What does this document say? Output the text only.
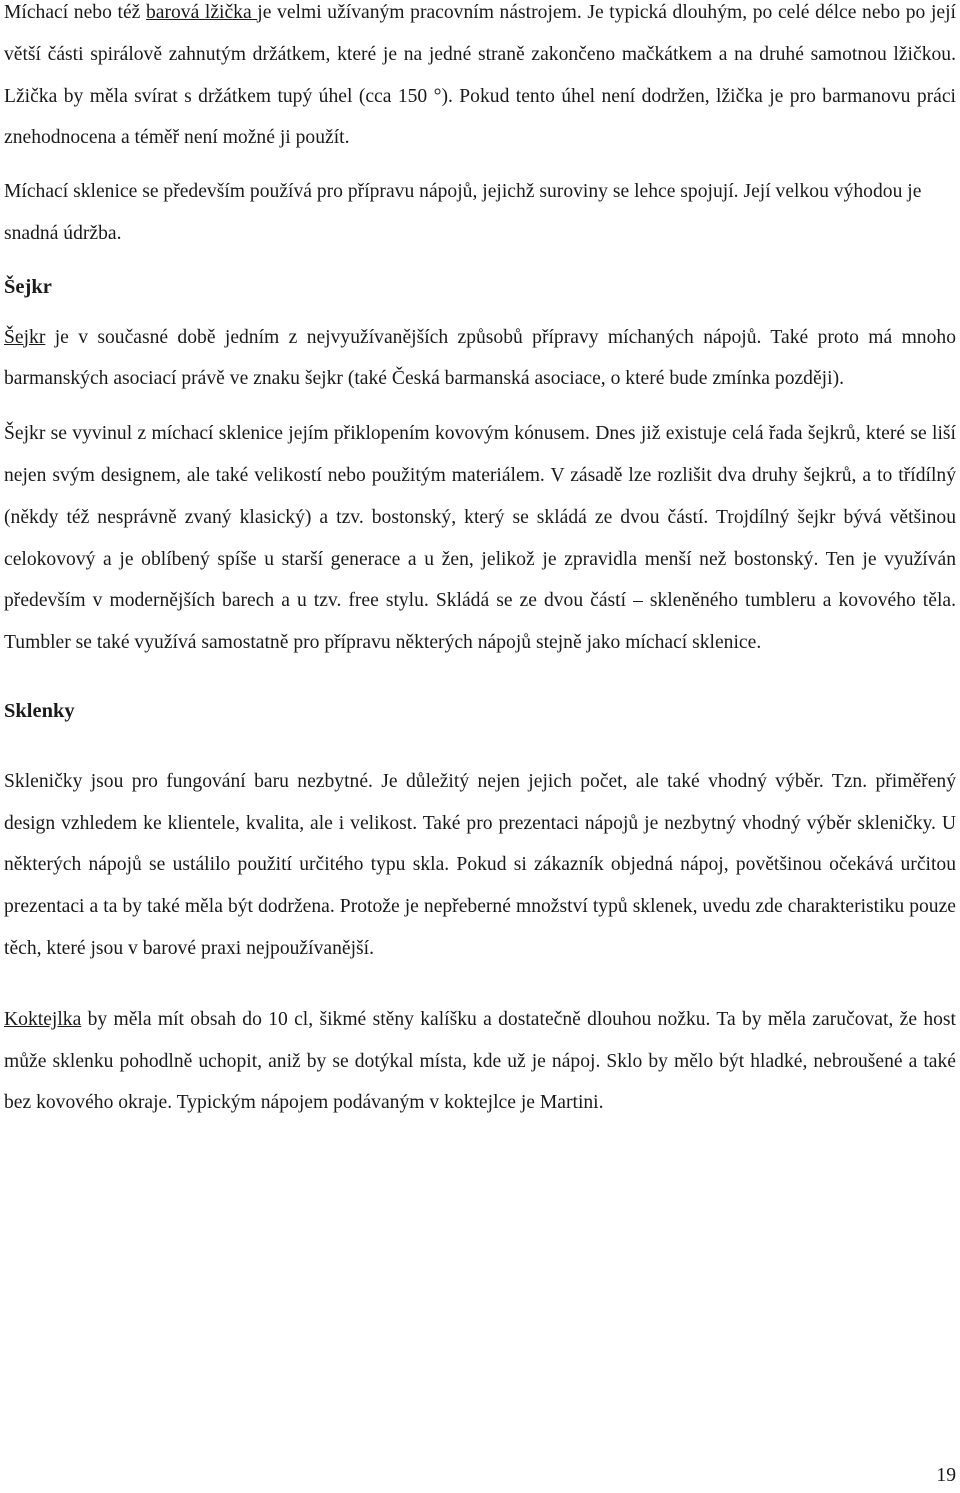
Míchací nebo též barová lžička je velmi užívaným pracovním nástrojem. Je typická dlouhým, po celé délce nebo po její větší části spirálově zahnutým držátkem, které je na jedné straně zakončeno mačkátkem a na druhé samotnou lžičkou. Lžička by měla svírat s držátkem tupý úhel (cca 150 °). Pokud tento úhel není dodržen, lžička je pro barmanovu práci znehodnocena a téměř není možné ji použít.

Míchací sklenice se především používá pro přípravu nápojů, jejichž suroviny se lehce spojují. Její velkou výhodou je snadná údržba.

Šejkr

Šejkr je v současné době jedním z nejvyužívanějších způsobů přípravy míchaných nápojů. Také proto má mnoho barmanských asociací právě ve znaku šejkr (také Česká barmanská asociace, o které bude zmínka později).

Šejkr se vyvinul z míchací sklenice jejím přiklopením kovovým kónusem. Dnes již existuje celá řada šejkrů, které se liší nejen svým designem, ale také velikostí nebo použitým materiálem. V zásadě lze rozlišit dva druhy šejkrů, a to třídílný (někdy též nesprávně zvaný klasický) a tzv. bostonský, který se skládá ze dvou částí. Trojdílný šejkr bývá většinou celokovový a je oblíbený spíše u starší generace a u žen, jelikož je zpravidla menší než bostonský. Ten je využíván především v modernějších barech a u tzv. free stylu. Skládá se ze dvou částí – skleněného tumbleru a kovového těla. Tumbler se také využívá samostatně pro přípravu některých nápojů stejně jako míchací sklenice.

Sklenky

Skleničky jsou pro fungování baru nezbytné. Je důležitý nejen jejich počet, ale také vhodný výběr. Tzn. přiměřený design vzhledem ke klientele, kvalita, ale i velikost. Také pro prezentaci nápojů je nezbytný vhodný výběr skleničky. U některých nápojů se ustálilo použití určitého typu skla. Pokud si zákazník objedná nápoj, povětšinou očekává určitou prezentaci a ta by také měla být dodržena. Protože je nepřeberné množství typů sklenek, uvedu zde charakteristiku pouze těch, které jsou v barové praxi nejpoužívanější.

Koktejlka by měla mít obsah do 10 cl, šikmé stěny kalíšku a dostatečně dlouhou nožku. Ta by měla zaručovat, že host může sklenku pohodlně uchopit, aniž by se dotýkal místa, kde už je nápoj. Sklo by mělo být hladké, nebroušené a také bez kovového okraje. Typickým nápojem podávaným v koktejlce je Martini.

19
